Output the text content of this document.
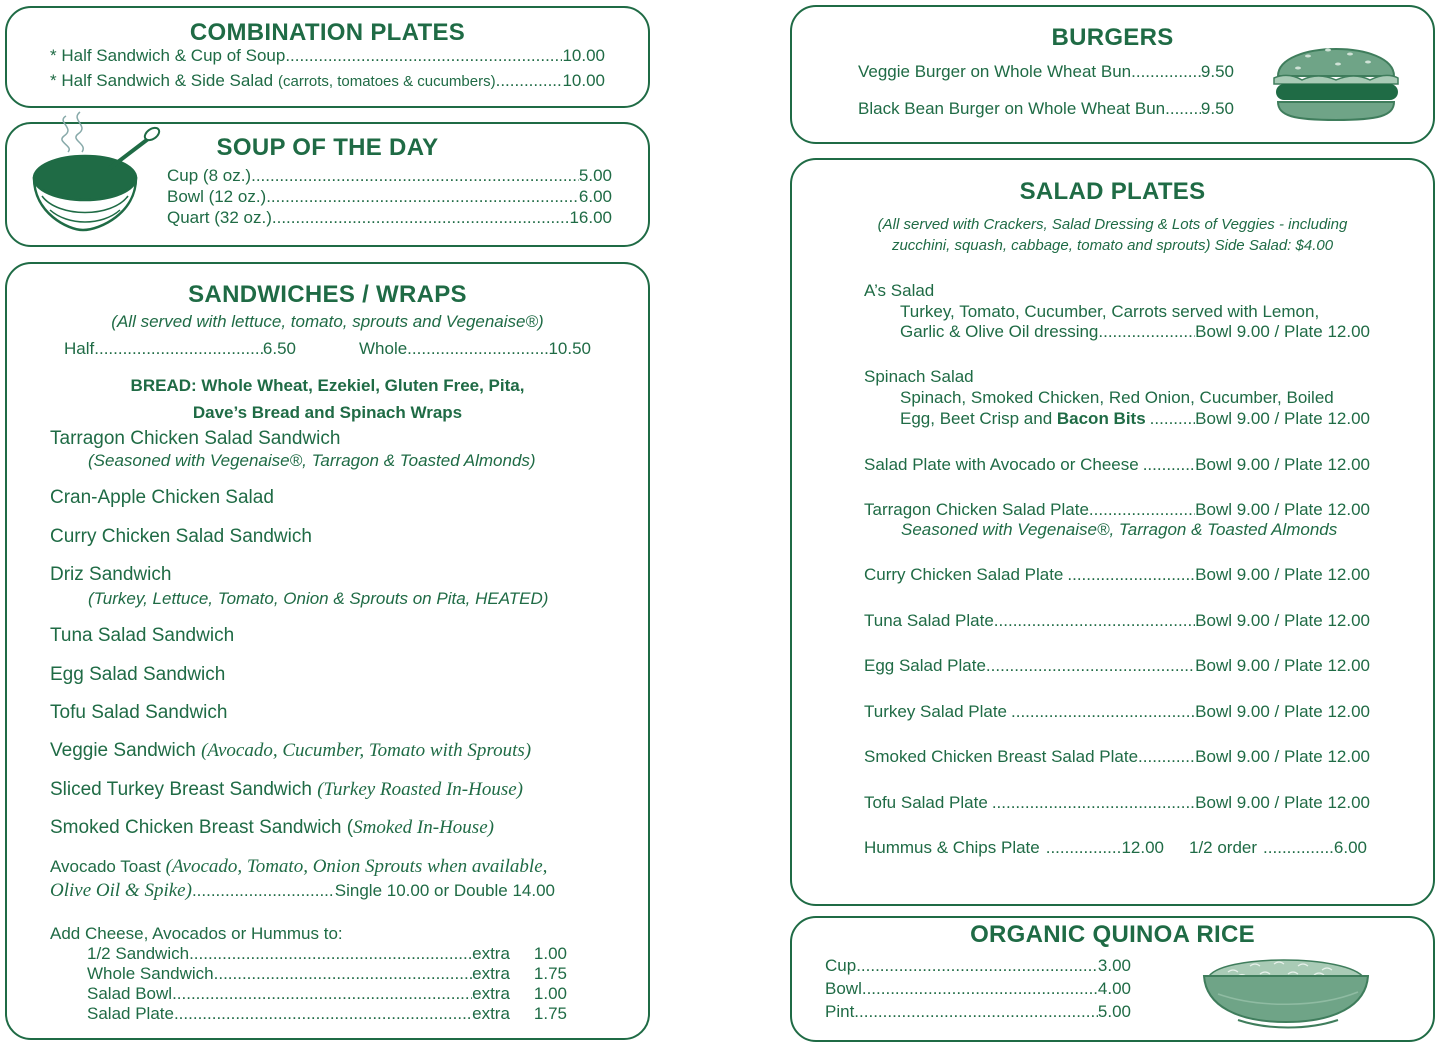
COMBINATION PLATES
* Half Sandwich & Cup of Soup .....	10.00
* Half Sandwich & Side Salad (carrots, tomatoes & cucumbers) .....	10.00
SOUP OF THE DAY
Cup (8 oz.) .....	5.00
Bowl (12 oz.) .....	6.00
Quart (32 oz.) .....	16.00
SANDWICHES / WRAPS
(All served with lettuce, tomato, sprouts and Vegenaise®)
Half. .....	6.50	Whole. .....	10.50
BREAD: Whole Wheat, Ezekiel, Gluten Free, Pita,
Dave’s Bread and Spinach Wraps
Tarragon Chicken Salad Sandwich
(Seasoned with Vegenaise®, Tarragon & Toasted Almonds)
Cran-Apple Chicken Salad
Curry Chicken Salad Sandwich
Driz Sandwich
(Turkey, Lettuce, Tomato, Onion & Sprouts on Pita, HEATED)
Tuna Salad Sandwich
Egg Salad Sandwich
Tofu Salad Sandwich
Veggie Sandwich (Avocado, Cucumber, Tomato with Sprouts)
Sliced Turkey Breast Sandwich (Turkey Roasted In-House)
Smoked Chicken Breast Sandwich (Smoked In-House)
Avocado Toast (Avocado, Tomato, Onion Sprouts when available,
Olive Oil & Spike) .....	Single 10.00 or Double 14.00
Add Cheese, Avocados or Hummus to:
1/2 Sandwich .....	extra 1.00
Whole Sandwich .....	extra 1.75
Salad Bowl .....	extra 1.00
Salad Plate .....	extra 1.75
BURGERS
Veggie Burger on Whole Wheat Bun .....	9.50
Black Bean Burger on Whole Wheat Bun ..... 9.50
SALAD PLATES
(All served with Crackers, Salad Dressing & Lots of Veggies - including
zucchini, squash, cabbage, tomato and sprouts) Side Salad: $4.00
A’s Salad
Turkey, Tomato, Cucumber, Carrots served with Lemon,
Garlic & Olive Oil dressing .....	Bowl 9.00 / Plate 12.00
Spinach Salad
Spinach, Smoked Chicken, Red Onion, Cucumber, Boiled
Egg, Beet Crisp and Bacon Bits .....	Bowl 9.00 / Plate 12.00
Salad Plate with Avocado or Cheese .....	Bowl 9.00 / Plate 12.00
Tarragon Chicken Salad Plate .....	Bowl 9.00 / Plate 12.00
Seasoned with Vegenaise®, Tarragon & Toasted Almonds
Curry Chicken Salad Plate .....	Bowl 9.00 / Plate 12.00
Tuna Salad Plate .....	Bowl 9.00 / Plate 12.00
Egg Salad Plate .....	Bowl 9.00 / Plate 12.00
Turkey Salad Plate .....	Bowl 9.00 / Plate 12.00
Smoked Chicken Breast Salad Plate .....	Bowl 9.00 / Plate 12.00
Tofu Salad Plate .....	Bowl 9.00 / Plate 12.00
Hummus & Chips Plate .....	12.00 1/2 order .....	6.00
ORGANIC QUINOA RICE
Cup .....	3.00
Bowl .....	4.00
Pint .....	5.00
